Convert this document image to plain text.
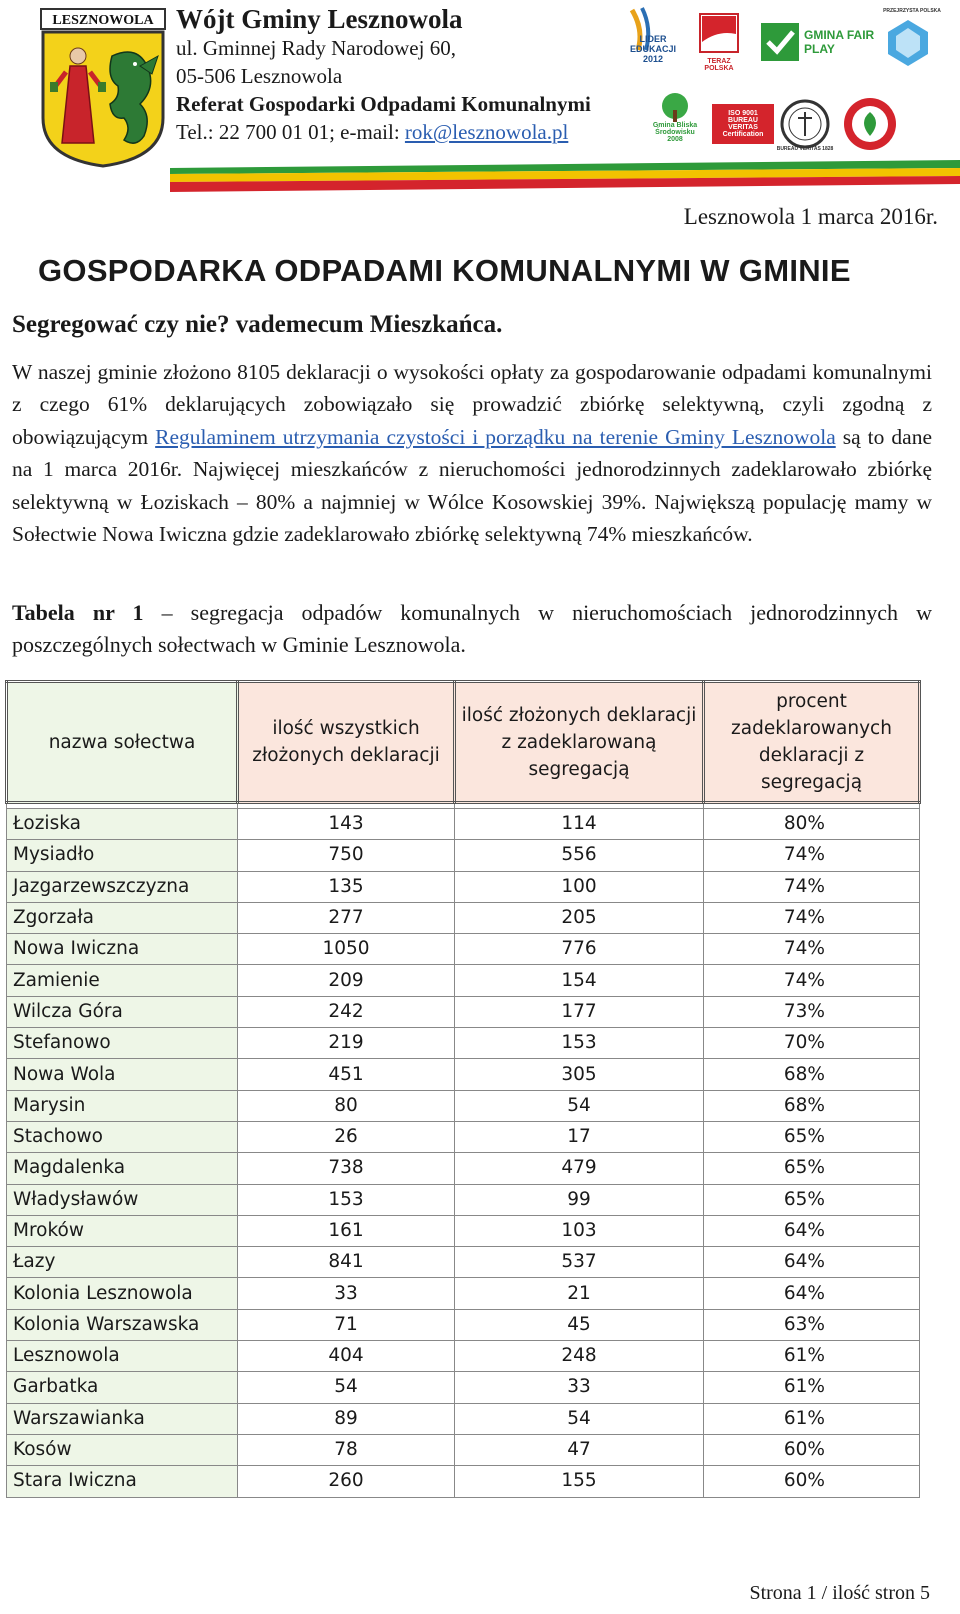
LESZNOWOLA Wójt Gminy Lesznowola
ul. Gminnej Rady Narodowej 60,
05-506 Lesznowola
Referat Gospodarki Odpadami Komunalnymi
Tel.: 22 700 01 01; e-mail: rok@lesznowola.pl
LIDER EDUKACJI 2012	TERAZ POLSKA
GMINA FAIR PLAY
PRZEJRZYSTA POLSKA
Gmina Bliska Środowisku 2008
ISO 9001 BUREAU VERITAS Certification
BUREAU VERITAS 1828
Lesznowola 1 marca 2016r.
GOSPODARKA ODPADAMI KOMUNALNYMI W GMINIE
Segregować czy nie? vademecum Mieszkańca.
W naszej gminie złożono 8105 deklaracji o wysokości opłaty za gospodarowanie odpadami komunalnymi z czego 61% deklarujących zobowiązało się prowadzić zbiórkę selektywną, czyli zgodną z obowiązującym Regulaminem utrzymania czystości i porządku na terenie Gminy Lesznowola są to dane na 1 marca 2016r. Najwięcej mieszkańców z nieruchomości jednorodzinnych zadeklarowało zbiórkę selektywną w Łoziskach – 80% a najmniej w Wólce Kosowskiej 39%. Największą populację mamy w Sołectwie Nowa Iwiczna gdzie zadeklarowało zbiórkę selektywną 74% mieszkańców.
Tabela nr 1 – segregacja odpadów komunalnych w nieruchomościach jednorodzinnych w poszczególnych sołectwach w Gminie Lesznowola.
nazwa sołectwa	ilość wszystkich złożonych deklaracji	ilość złożonych deklaracji z zadeklarowaną segregacją	procent zadeklarowanych deklaracji z segregacją

Łoziska	143	114	80%
Mysiadło	750	556	74%
Jazgarzewszczyzna	135	100	74%
Zgorzała	277	205	74%
Nowa Iwiczna	1050	776	74%
Zamienie	209	154	74%
Wilcza Góra	242	177	73%
Stefanowo	219	153	70%
Nowa Wola	451	305	68%
Marysin	80	54	68%
Stachowo	26	17	65%
Magdalenka	738	479	65%
Władysławów	153	99	65%
Mroków	161	103	64%
Łazy	841	537	64%
Kolonia Lesznowola	33	21	64%
Kolonia Warszawska	71	45	63%
Lesznowola	404	248	61%
Garbatka	54	33	61%
Warszawianka	89	54	61%
Kosów	78	47	60%
Stara Iwiczna	260	155	60%
Strona 1 / ilość stron 5
